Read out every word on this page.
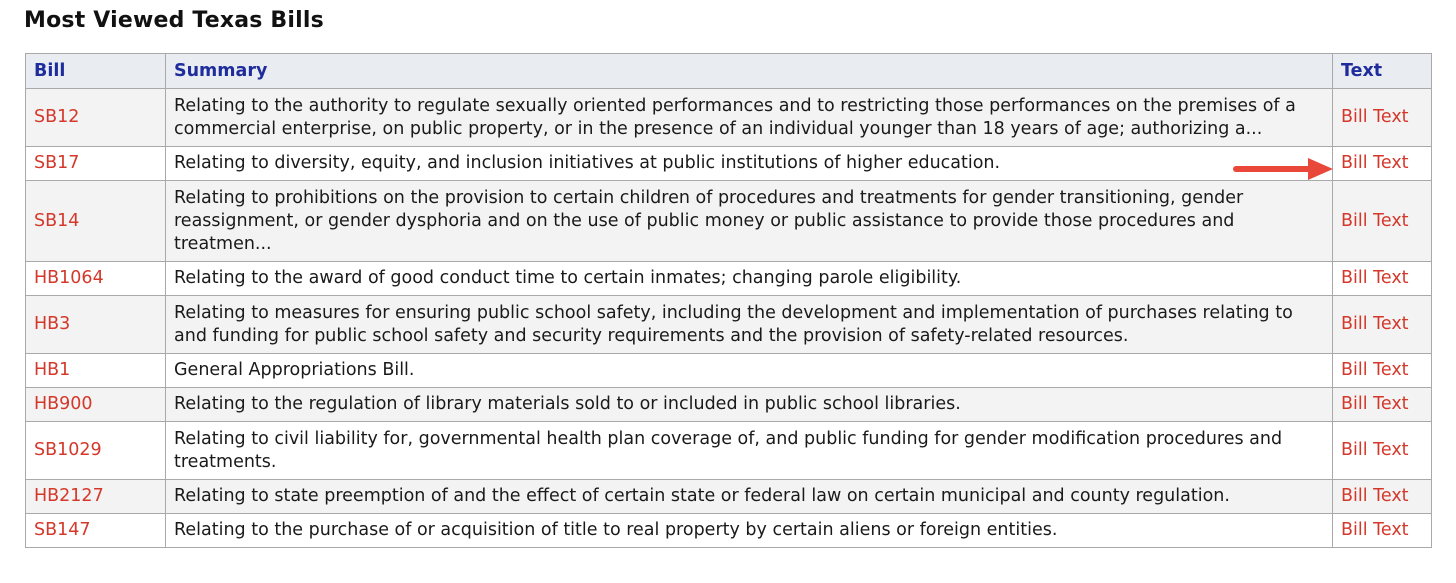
Most Viewed Texas Bills
Bill	Summary	Text
SB12	Relating to the authority to regulate sexually oriented performances and to restricting those performances on the premises of a commercial enterprise, on public property, or in the presence of an individual younger than 18 years of age; authorizing a...	Bill Text
SB17	Relating to diversity, equity, and inclusion initiatives at public institutions of higher education.	Bill Text
SB14	Relating to prohibitions on the provision to certain children of procedures and treatments for gender transitioning, gender reassignment, or gender dysphoria and on the use of public money or public assistance to provide those procedures and treatmen...	Bill Text
HB1064	Relating to the award of good conduct time to certain inmates; changing parole eligibility.	Bill Text
HB3	Relating to measures for ensuring public school safety, including the development and implementation of purchases relating to and funding for public school safety and security requirements and the provision of safety-related resources.	Bill Text
HB1	General Appropriations Bill.	Bill Text
HB900	Relating to the regulation of library materials sold to or included in public school libraries.	Bill Text
SB1029	Relating to civil liability for, governmental health plan coverage of, and public funding for gender modification procedures and treatments.	Bill Text
HB2127	Relating to state preemption of and the effect of certain state or federal law on certain municipal and county regulation.	Bill Text
SB147	Relating to the purchase of or acquisition of title to real property by certain aliens or foreign entities.	Bill Text
